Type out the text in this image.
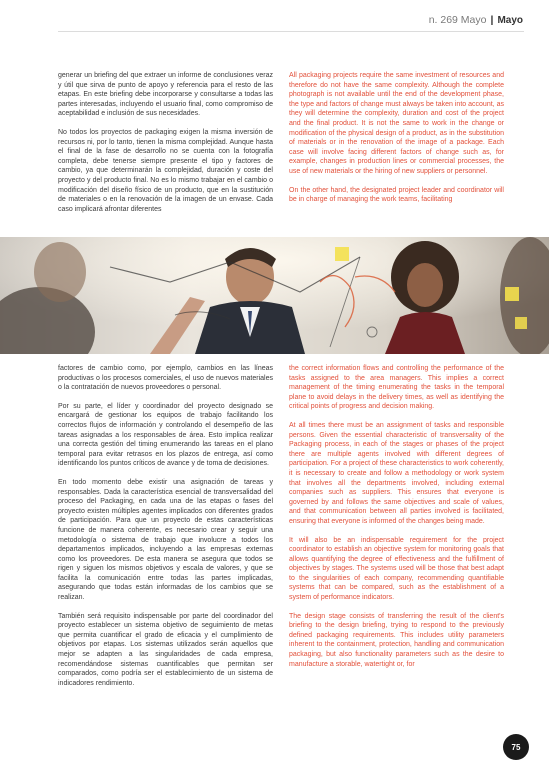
n. 269 Mayo | Mayo

generar un briefing del que extraer un informe de conclusiones veraz y útil que sirva de punto de apoyo y referencia para el resto de las etapas. En este briefing debe incorporarse y consultarse a todas las partes interesadas, incluyendo el usuario final, como compromiso de aceptabilidad e inclusión de sus necesidades.

No todos los proyectos de packaging exigen la misma inversión de recursos ni, por lo tanto, tienen la misma complejidad. Aunque hasta el final de la fase de desarrollo no se cuenta con la fotografía completa, debe tenerse siempre presente el tipo y factores de cambio, ya que determinarán la complejidad, duración y coste del proyecto y del producto final. No es lo mismo trabajar en el cambio o modificación del diseño físico de un producto, que en la sustitución de materiales o en la renovación de la imagen de un envase. Cada caso implicará afrontar diferentes

All packaging projects require the same investment of resources and therefore do not have the same complexity. Although the complete photograph is not available until the end of the development phase, the type and factors of change must always be taken into account, as they will determine the complexity, duration and cost of the project and the final product. It is not the same to work in the change or modification of the physical design of a product, as in the substitution of materials or in the renovation of the image of a package. Each case will involve facing different factors of change such as, for example, changes in production lines or commercial processes, the use of new materials or the hiring of new suppliers or personnel.

On the other hand, the designated project leader and coordinator will be in charge of managing the work teams, facilitating

factores de cambio como, por ejemplo, cambios en las líneas productivas o los procesos comerciales, el uso de nuevos materiales o la contratación de nuevos proveedores o personal.

Por su parte, el líder y coordinador del proyecto designado se encargará de gestionar los equipos de trabajo facilitando los correctos flujos de información y controlando el desempeño de las tareas asignadas a los responsables de área. Esto implica realizar una correcta gestión del timing enumerando las tareas en el plano temporal para evitar retrasos en los plazos de entrega, así como identificando los puntos críticos de avance y de toma de decisiones.

En todo momento debe existir una asignación de tareas y responsables. Dada la característica esencial de transversalidad del proceso del Packaging, en cada una de las etapas o fases del proyecto existen múltiples agentes implicados con diferentes grados de participación. Para que un proyecto de estas características funcione de manera coherente, es necesario crear y seguir una metodología o sistema de trabajo que involucre a todos los departamentos implicados, incluyendo a las empresas externas como los proveedores. De esta manera se asegura que todos se rigen y siguen los mismos objetivos y escala de valores, y que se facilita la comunicación entre todas las partes implicadas, asegurando que todas están informadas de los cambios que se realizan.

También será requisito indispensable por parte del coordinador del proyecto establecer un sistema objetivo de seguimiento de metas que permita cuantificar el grado de eficacia y el cumplimiento de objetivos por etapas. Los sistemas utilizados serán aquellos que mejor se adapten a las singularidades de cada empresa, recomendándose sistemas cuantificables que permitan ser comparados, como podría ser el establecimiento de un sistema de indicadores rendimiento.

the correct information flows and controlling the performance of the tasks assigned to the area managers. This implies a correct management of the timing enumerating the tasks in the temporal plane to avoid delays in the delivery times, as well as identifying the critical points of progress and decision making.

At all times there must be an assignment of tasks and responsible persons. Given the essential characteristic of transversality of the Packaging process, in each of the stages or phases of the project there are multiple agents involved with different degrees of participation. For a project of these characteristics to work coherently, it is necessary to create and follow a methodology or work system that involves all the departments involved, including external companies such as suppliers. This ensures that everyone is governed by and follows the same objectives and scale of values, and that communication between all parties involved is facilitated, ensuring that everyone is informed of the changes being made.

It will also be an indispensable requirement for the project coordinator to establish an objective system for monitoring goals that allows quantifying the degree of effectiveness and the fulfillment of objectives by stages. The systems used will be those that best adapt to the singularities of each company, recommending quantifiable systems that can be compared, such as the establishment of a system of performance indicators.

The design stage consists of transferring the result of the client's briefing to the design briefing, trying to respond to the previously defined packaging requirements. This includes utility parameters inherent to the containment, protection, handling and communication packaging, but also functionality parameters such as the desire to manufacture a storable, watertight or, for

75
